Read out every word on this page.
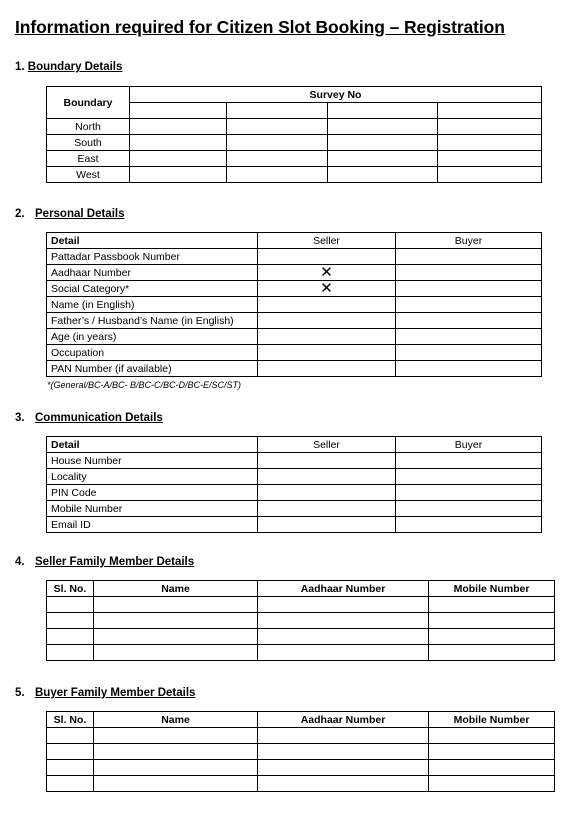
Information required for Citizen Slot Booking – Registration
1. Boundary Details
Boundary	Survey No			

North				
South				
East				
West				
2. Personal Details
Detail	Seller	Buyer
Pattadar Passbook Number		
Aadhaar Number	✕	
Social Category*	✕	
Name (in English)		
Father’s / Husband’s Name (in English)		
Age (in years)		
Occupation		
PAN Number (if available)		
*(General/BC-A/BC- B/BC-C/BC-D/BC-E/SC/ST)
3. Communication Details
Detail	Seller	Buyer
House Number		
Locality		
PIN Code		
Mobile Number		
Email ID		
4. Seller Family Member Details
Sl. No.	Name	Aadhaar Number	Mobile Number

5. Buyer Family Member Details
Sl. No.	Name	Aadhaar Number	Mobile Number
